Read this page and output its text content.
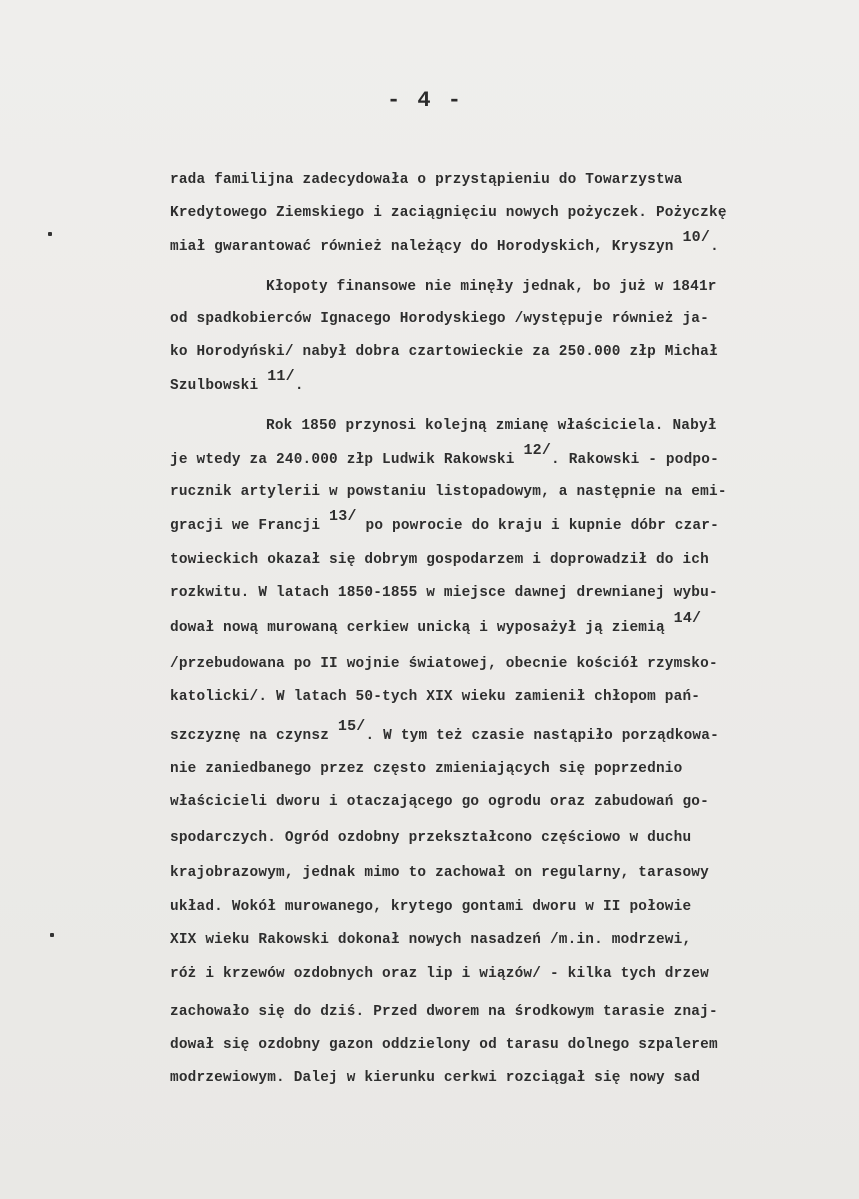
- 4 -
rada familijna zadecydowała o przystąpieniu do Towarzystwa
Kredytowego Ziemskiego i zaciągnięciu nowych pożyczek. Pożyczkę
miał gwarantować również należący do Horodyskich, Kryszyn 10/.
Kłopoty finansowe nie minęły jednak, bo już w 1841r
od spadkobierców Ignacego Horodyskiego /występuje również ja-
ko Horodyński/ nabył dobra czartowieckie za 250.000 złp Michał
Szulbowski 11/.
Rok 1850 przynosi kolejną zmianę właściciela. Nabył
je wtedy za 240.000 złp Ludwik Rakowski 12/. Rakowski - podpo-
rucznik artylerii w powstaniu listopadowym, a następnie na emi-
gracji we Francji 13/ po powrocie do kraju i kupnie dóbr czar-
towieckich okazał się dobrym gospodarzem i doprowadził do ich
rozkwitu. W latach 1850-1855 w miejsce dawnej drewnianej wybu-
dował nową murowaną cerkiew unicką i wyposażył ją ziemią 14/
/przebudowana po II wojnie światowej, obecnie kościół rzymsko-
katolicki/. W latach 50-tych XIX wieku zamienił chłopom pań-
szczyznę na czynsz 15/. W tym też czasie nastąpiło porządkowa-
nie zaniedbanego przez często zmieniających się poprzednio
właścicieli dworu i otaczającego go ogrodu oraz zabudowań go-
spodarczych. Ogród ozdobny przekształcono częściowo w duchu
krajobrazowym, jednak mimo to zachował on regularny, tarasowy
układ. Wokół murowanego, krytego gontami dworu w II połowie
XIX wieku Rakowski dokonał nowych nasadzeń /m.in. modrzewi,
róż i krzewów ozdobnych oraz lip i wiązów/ - kilka tych drzew
zachowało się do dziś. Przed dworem na środkowym tarasie znaj-
dował się ozdobny gazon oddzielony od tarasu dolnego szpalerem
modrzewiowym. Dalej w kierunku cerkwi rozciągał się nowy sad
